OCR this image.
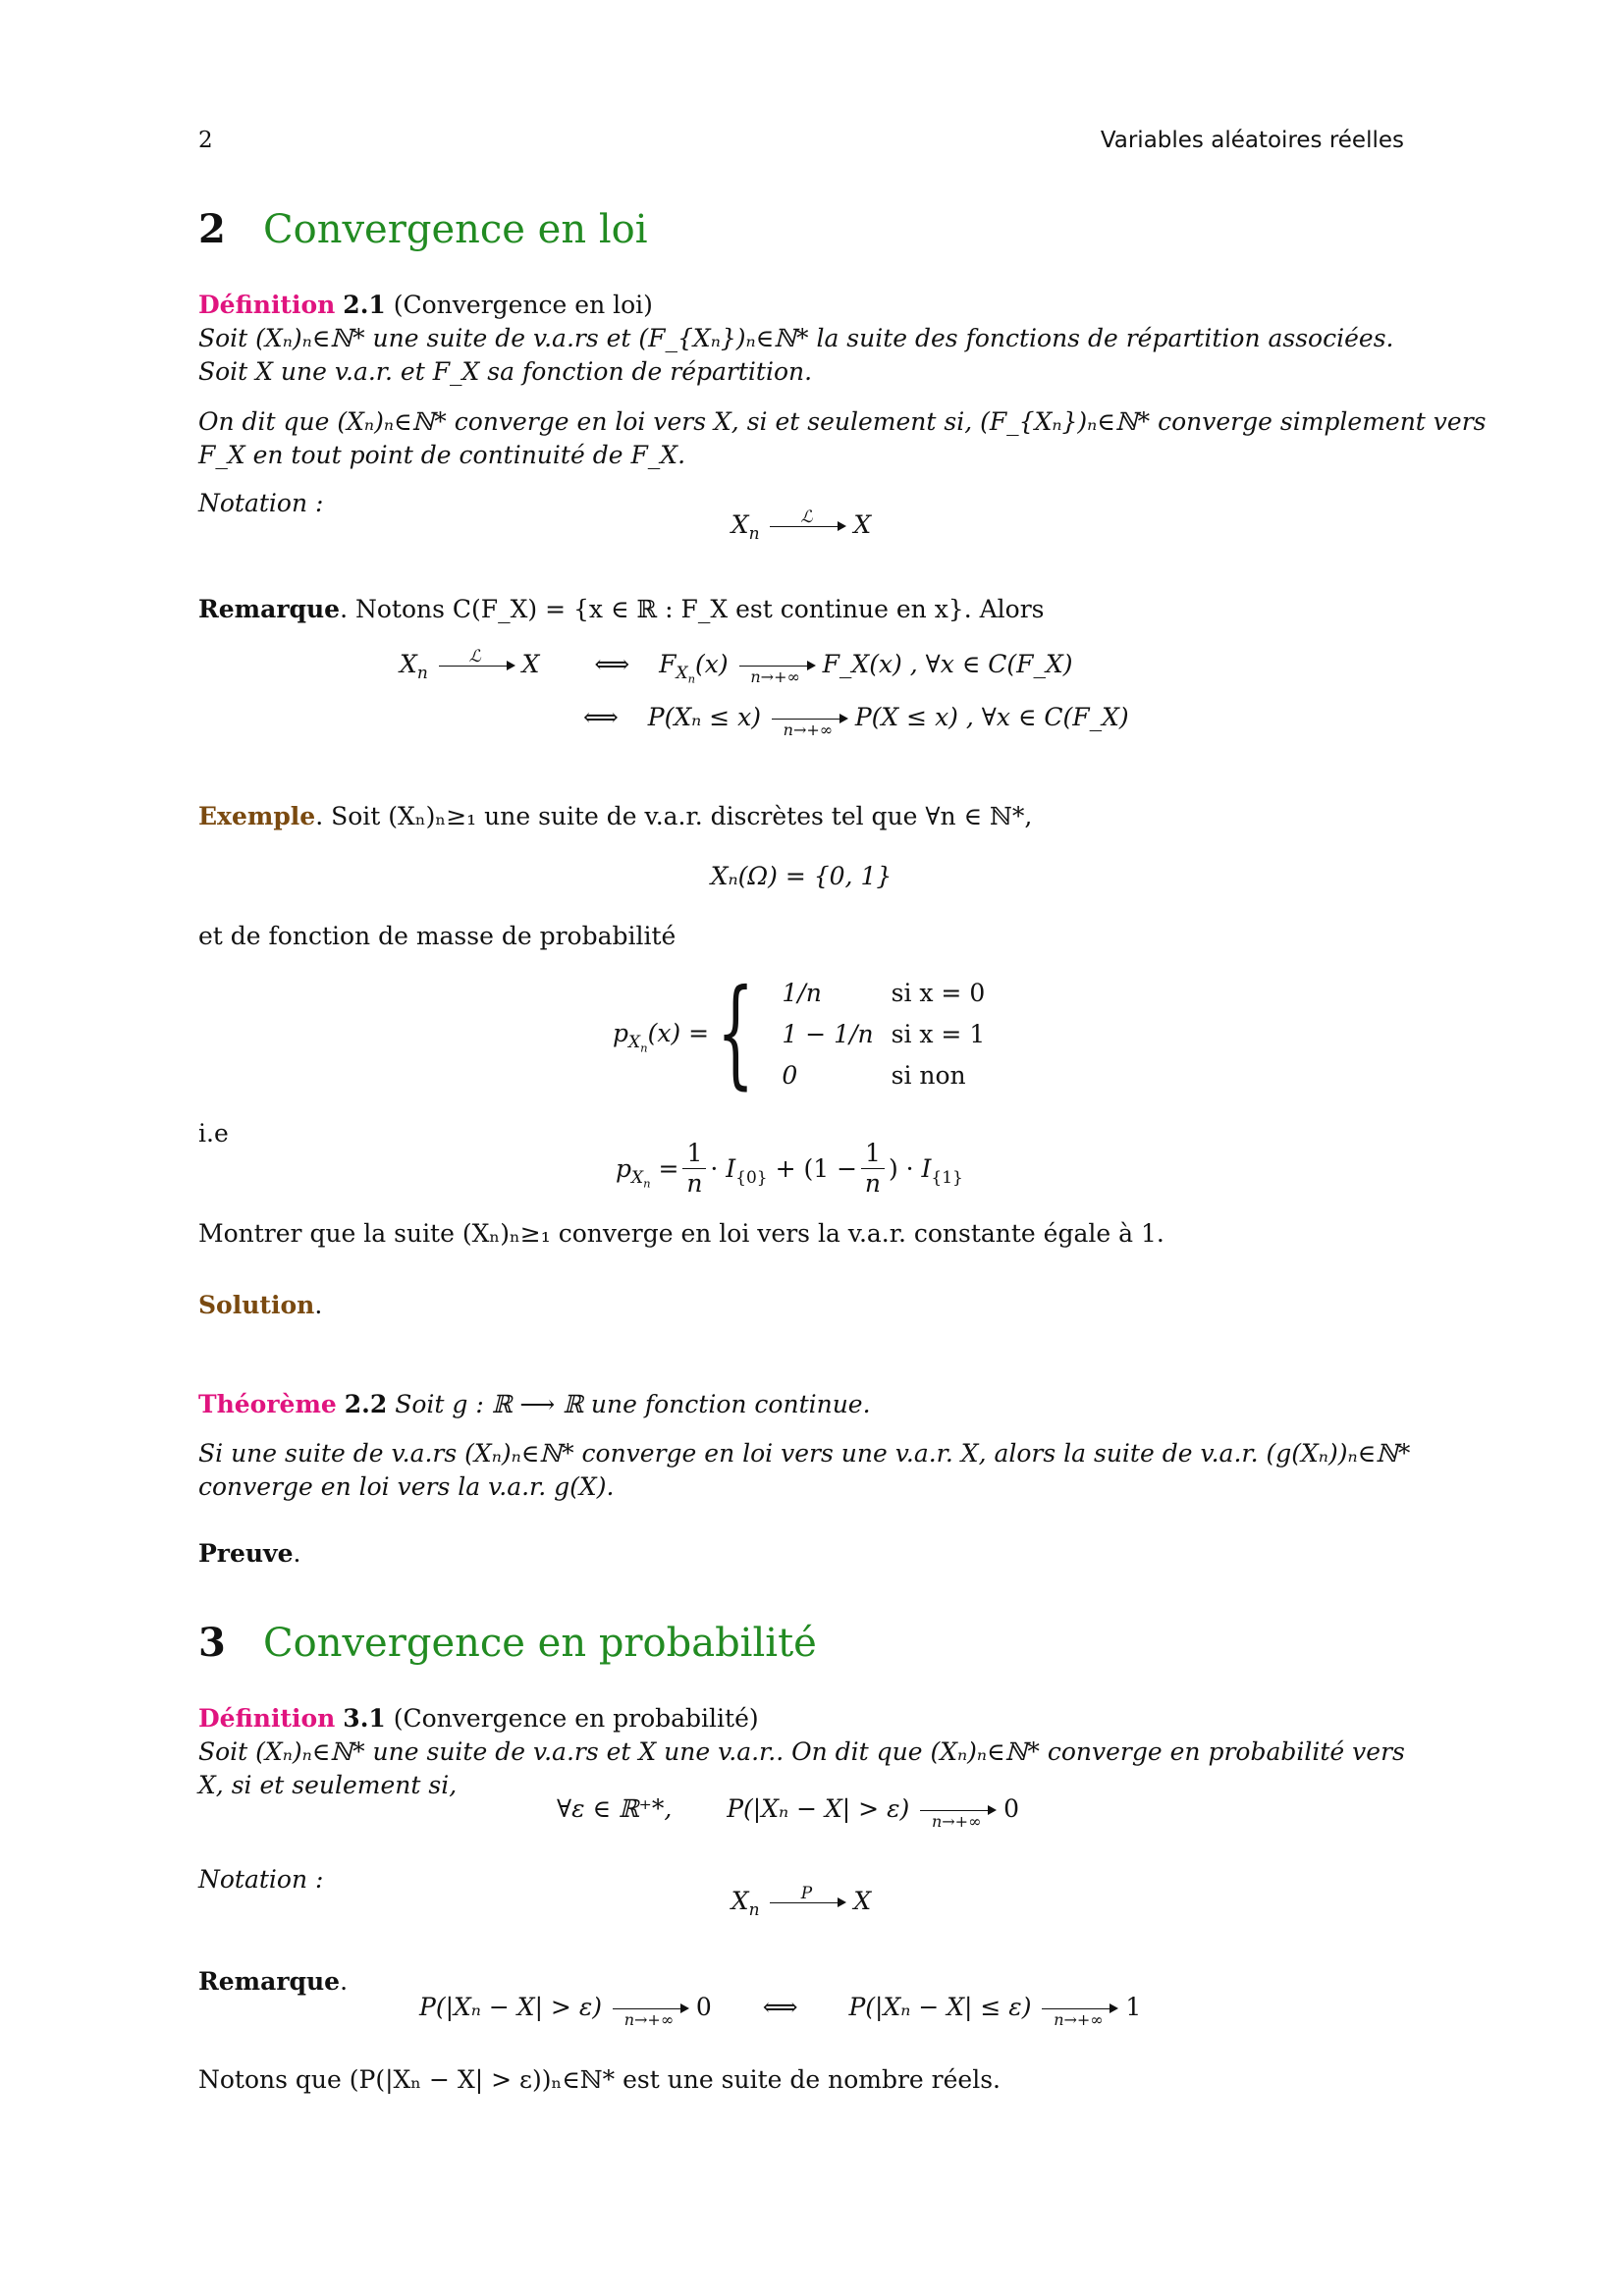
2	Variables aléatoires réelles
2 Convergence en loi
Définition 2.1 (Convergence en loi)
Soit (Xₙ)ₙ∈ℕ* une suite de v.a.rs et (F_{Xₙ})ₙ∈ℕ* la suite des fonctions de répartition associées.
Soit X une v.a.r. et F_X sa fonction de répartition.
On dit que (Xₙ)ₙ∈ℕ* converge en loi vers X, si et seulement si, (F_{Xₙ})ₙ∈ℕ* converge simplement vers
F_X en tout point de continuité de F_X.
Notation :
$X_n$
ℒ	X
Remarque. Notons C(F_X) = {x ∈ ℝ : F_X est continue en x}. Alors
$X_n$
ℒ	X ⟺ $F_{X_n}(x)$	n→+∞ F_X(x) , ∀x ∈ C(F_X)
⟺ P(Xₙ ≤ x)	n→+∞ P(X ≤ x) , ∀x ∈ C(F_X)
Exemple. Soit (Xₙ)ₙ≥₁ une suite de v.a.r. discrètes tel que ∀n ∈ ℕ*,
Xₙ(Ω) = {0, 1}
et de fonction de masse de probabilité
$p_{X_n}(x)$ = { 1/n	si x = 0
1 − 1/n	si x = 1
0	si non
i.e
$p_{X_n} = \frac{1}{n} \cdot I_{\{0\}} + (1 - \frac{1}{n}$ ) · $I_{\{1\}}$
Montrer que la suite (Xₙ)ₙ≥₁ converge en loi vers la v.a.r. constante égale à 1.
Solution.
Théorème 2.2 Soit g : ℝ ⟶ ℝ une fonction continue.
Si une suite de v.a.rs (Xₙ)ₙ∈ℕ* converge en loi vers une v.a.r. X, alors la suite de v.a.r. (g(Xₙ))ₙ∈ℕ*
converge en loi vers la v.a.r. g(X).
Preuve.
3 Convergence en probabilité
Définition 3.1 (Convergence en probabilité)
Soit (Xₙ)ₙ∈ℕ* une suite de v.a.rs et X une v.a.r.. On dit que (Xₙ)ₙ∈ℕ* converge en probabilité vers
X, si et seulement si,
∀ε ∈ ℝ⁺*, P(|Xₙ − X| > ε)	n→+∞ 0
Notation :
$X_n$
P	X
Remarque.
P(|Xₙ − X| > ε)	n→+∞ 0 ⟺ P(|Xₙ − X| ≤ ε)	n→+∞ 1
Notons que (P(|Xₙ − X| > ε))ₙ∈ℕ* est une suite de nombre réels.
